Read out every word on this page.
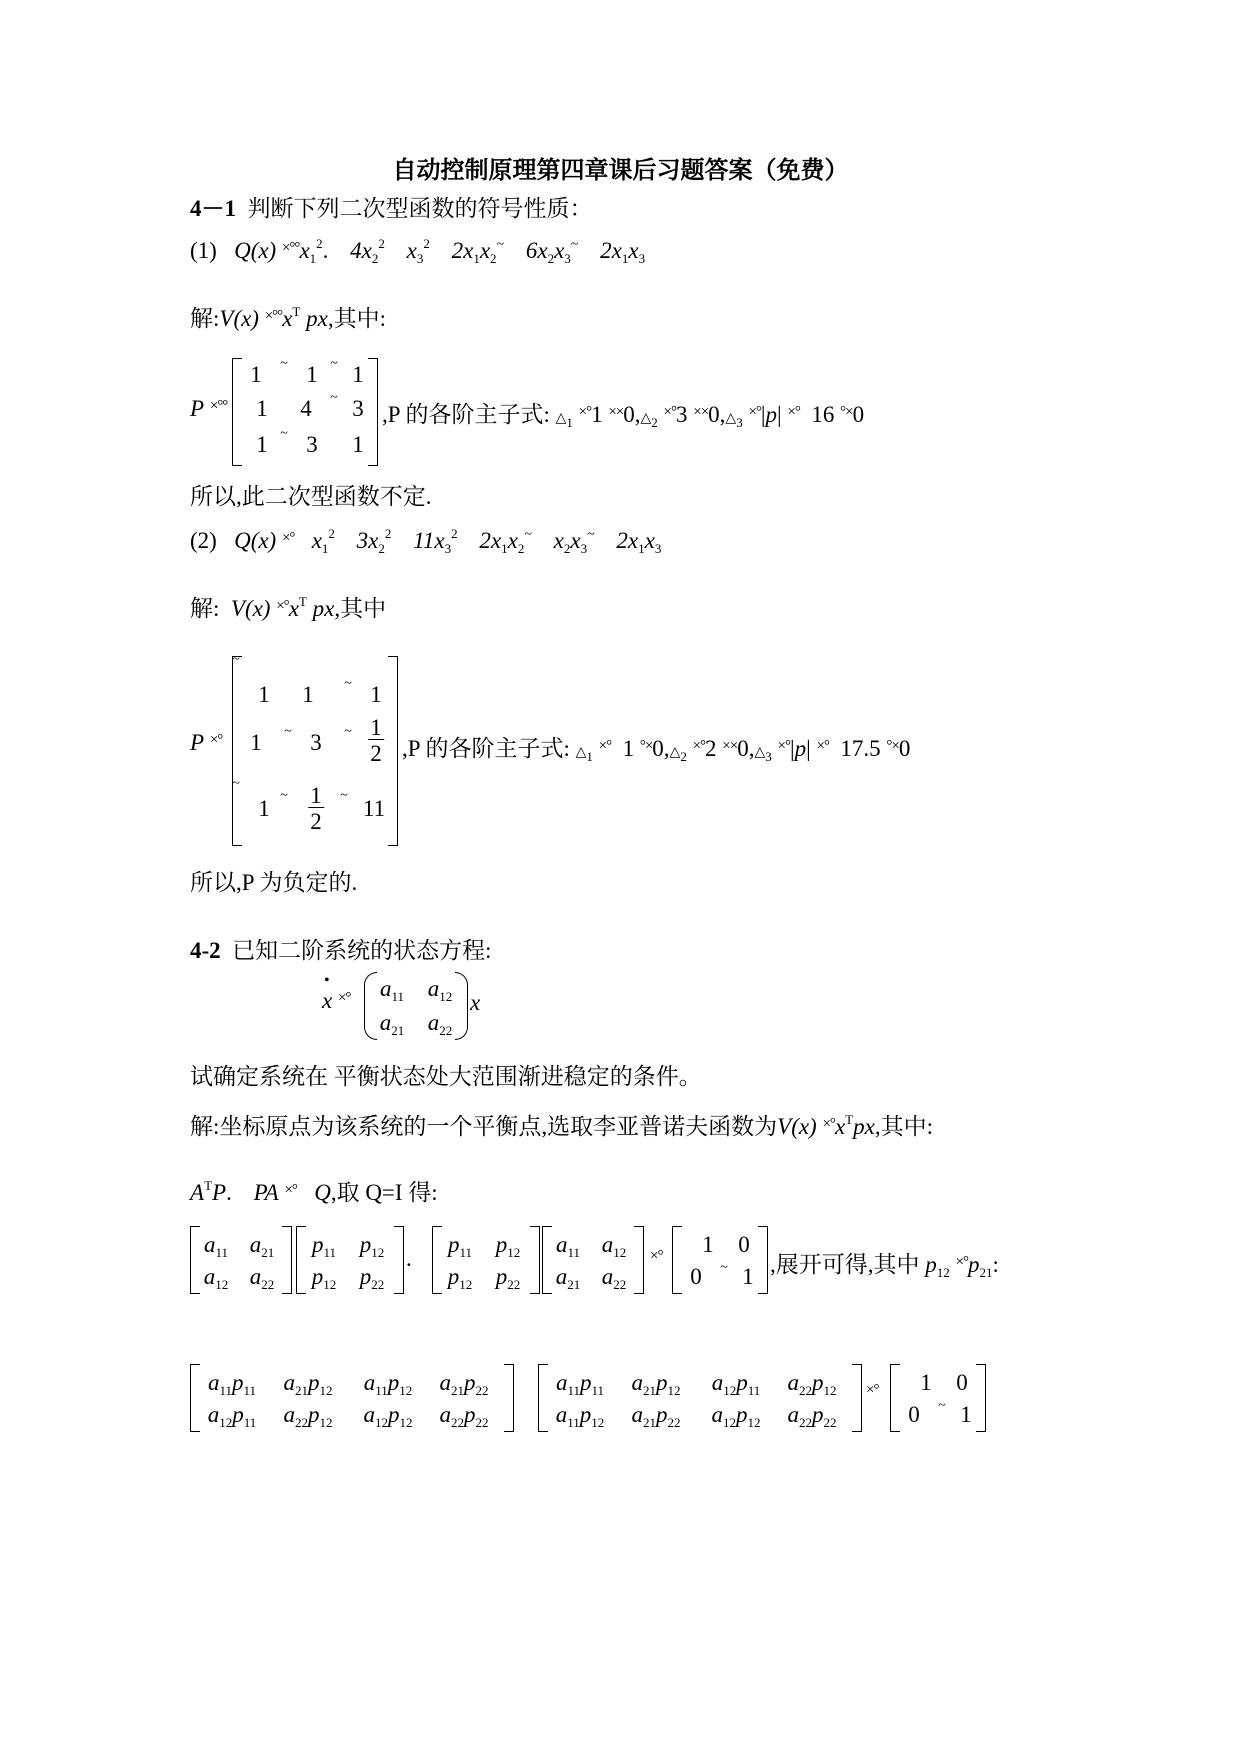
自动控制原理第四章课后习题答案（免费）
4－1 判断下列二次型函数的符号性质：
(1) Q(x) $^{\times^\circ^\circ}x_1^2$. $4x_2^2$ $x_3^2$ $2x_1x_2^\sim$ $6x_2x_3^\sim$ $2x_1x_3$
解:V(x) $^{\times^\circ^\circ}x^T$ px,其中:
P ×°°
1 ~ 1 ~ 1
1 4 ~ 3
1 ~ 3 1
,P 的各阶主子式: $\triangle_1$ ×°1 $^{\times\times}0,\triangle_2$ ×°3 $^{\times\times}0,\triangle_3$ ×°|p| ×° 16 °×0
所以,此二次型函数不定.
(2) Q(x) ×° $x_1^2$ $3x_2^2$ $11x_3^2$ $2x_1x_2^\sim$ $x_2x_3^\sim$ $2x_1x_3$
解: V(x) $^{\times^\circ}x^T$ px,其中
P ×°
~
1 1 ~ 1
1 ~ 3 ~ $\frac{1}{2}$
~
1
~ $\frac{1}{2}$ ~
11
,P 的各阶主子式: $\triangle_1$ ×° 1 $^{^\circ\times}0,\triangle_2$ ×°2 $^{\times\times}0,\triangle_3$ ×°|p| ×° 17.5 °×0
所以,P 为负定的.
4-2 已知二阶系统的状态方程:
•
x ×° $a_{11}$ $a_{12}$
$a_{21}$ $a_{22}$
x
试确定系统在 平衡状态处大范围渐进稳定的条件。
解:坐标原点为该系统的一个平衡点,选取李亚普诺夫函数为V(x) $^{\times^\circ}x^Tpx$,其中:
$A^TP$. PA ×° Q,取 Q=I 得:
$a_{11}$ $a_{21}$
$a_{12}$ $a_{22}$
$p_{11}$ $p_{12}$
$p_{12}$ $p_{22}$
.
$p_{11}$ $p_{12}$
$p_{12}$ $p_{22}$
$a_{11}$ $a_{12}$
$a_{21}$ $a_{22}$
×° 1 0
0 ~ 1 ,展开可得,其中 $p_{12}$ $^{\times^\circ}p_{21}$:
$a_{11}p_{11}$ $a_{21}p_{12}$ $a_{11}p_{12}$ $a_{21}p_{22}$
$a_{12}p_{11}$ $a_{22}p_{12}$ $a_{12}p_{12}$ $a_{22}p_{22}$
$a_{11}p_{11}$ $a_{21}p_{12}$ $a_{12}p_{11}$ $a_{22}p_{12}$
$a_{11}p_{12}$ $a_{21}p_{22}$ $a_{12}p_{12}$ $a_{22}p_{22}$
×° 1 0
0 ~ 1
